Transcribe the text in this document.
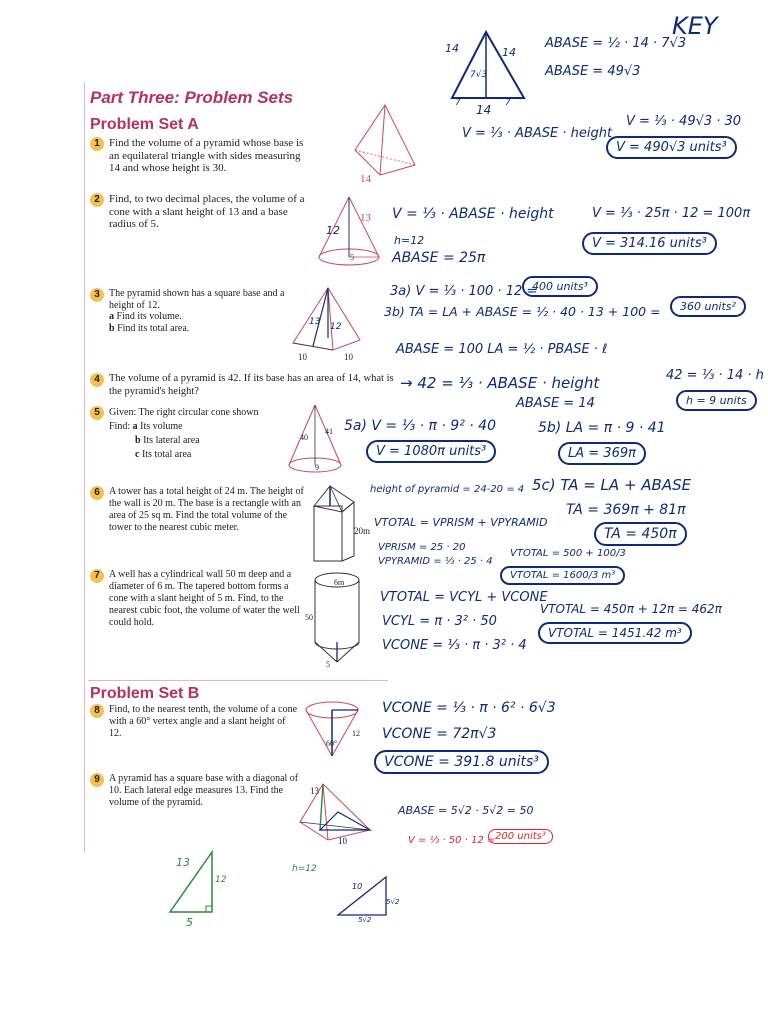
Part Three: Problem Sets
Problem Set A
1 Find the volume of a pyramid whose base is an equilateral triangle with sides measuring 14 and whose height is 30.
14
2 Find, to two decimal places, the volume of a cone with a slant height of 13 and a base radius of 5.	13
12
5
3 The pyramid shown has a square base and a height of 12.
a Find its volume.
b Find its total area.
13 12
10	10
4 The volume of a pyramid is 42. If its base has an area of 14, what is the pyramid's height?
5 Given: The right circular cone shown
Find: a Its volume
b Its lateral area
c Its total area
40
41
9
6 A tower has a total height of 24 m. The height of the wall is 20 m. The base is a rectangle with an area of 25 sq m. Find the total volume of the tower to the nearest cubic meter.	20m
7 A well has a cylindrical wall 50 m deep and a diameter of 6 m. The tapered bottom forms a cone with a slant height of 5 m. Find, to the nearest cubic foot, the volume of water the well could hold.
6m
50
5
Problem Set B
8 Find, to the nearest tenth, the volume of a cone with a 60° vertex angle and a slant height of 12.	12
60°
9 A pyramid has a square base with a diagonal of 10. Each lateral edge measures 13. Find the volume of the pyramid.
13
10
14	14
7√3
7 14 7
ABASE = ½ · 14 · 7√3
KEY
ABASE = 49√3
V = ⅓ · ABASE · height
V = ⅓ · 49√3 · 30
V = 490√3 units³
V = ⅓ · ABASE · height
h=12
ABASE = 25π
V = ⅓ · 25π · 12 = 100π
V = 314.16 units³
3a) V = ⅓ · 100 · 12 =
400 units³
3b) TA = LA + ABASE = ½ · 40 · 13 + 100 =	360 units²
ABASE = 100 LA = ½ · PBASE · ℓ
→ 42 = ⅓ · ABASE · height
ABASE = 14
42 = ⅓ · 14 · h
h = 9 units
5a) V = ⅓ · π · 9² · 40
V = 1080π units³
5b) LA = π · 9 · 41
LA = 369π
5c) TA = LA + ABASE
TA = 369π + 81π
TA = 450π
height of pyramid = 24-20 = 4
VTOTAL = VPRISM + VPYRAMID
VPRISM = 25 · 20
VPYRAMID = ⅓ · 25 · 4
VTOTAL = 500 + 100/3
VTOTAL = 1600/3 m³
VTOTAL = VCYL + VCONE
VCYL = π · 3² · 50
VCONE = ⅓ · π · 3² · 4
VTOTAL = 450π + 12π = 462π
VTOTAL = 1451.42 m³
VCONE = ⅓ · π · 6² · 6√3
VCONE = 72π√3
VCONE = 391.8 units³
ABASE = 5√2 · 5√2 = 50
V = ⅓ · 50 · 12 = 200 units³
13
12
5
h=12
10
5√2
5√2
